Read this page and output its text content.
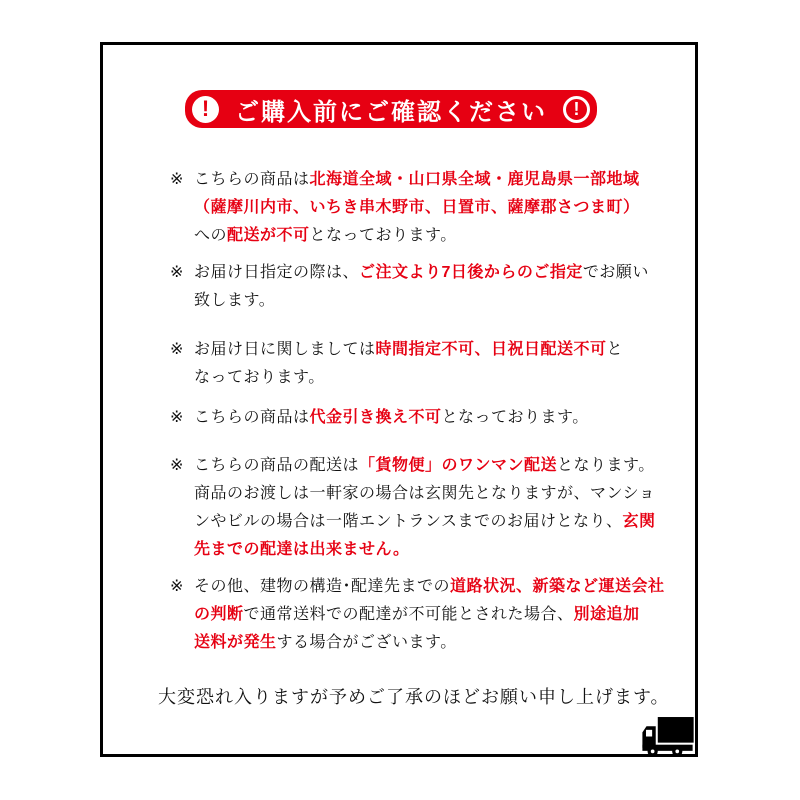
!	ご購入前にご確認ください	!
※ こちらの商品は北海道全域・山口県全域・鹿児島県一部地域
（薩摩川内市、いちき串木野市、日置市、薩摩郡さつま町）
への配送が不可となっております。
※ お届け日指定の際は、ご注文より7日後からのご指定でお願い
致します。
※ お届け日に関しましては時間指定不可、日祝日配送不可と
なっております。
※ こちらの商品は代金引き換え不可となっております。
※ こちらの商品の配送は「貨物便」のワンマン配送となります。
商品のお渡しは一軒家の場合は玄関先となりますが、マンショ
ンやビルの場合は一階エントランスまでのお届けとなり、玄関
先までの配達は出来ません。
※ その他、建物の構造･配達先までの道路状況、新築など運送会社
の判断で通常送料での配達が不可能とされた場合、別途追加
送料が発生する場合がございます。
大変恐れ入りますが予めご了承のほどお願い申し上げます。
